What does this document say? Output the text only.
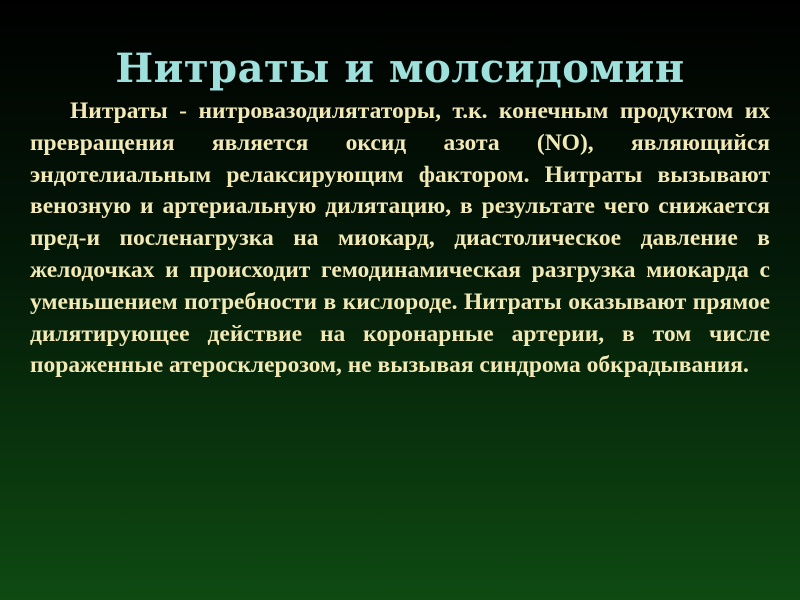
Нитраты и молсидомин

Нитраты - нитровазодилятаторы, т.к. конечным продуктом их превращения является оксид азота (NO), являющийся эндотелиальным релаксирующим фактором. Нитраты вызывают венозную и артериальную дилятацию, в результате чего снижается пред-и посленагрузка на миокард, диастолическое давление в желодочках и происходит гемодинамическая разгрузка миокарда с уменьшением потребности в кислороде. Нитраты оказывают прямое дилятирующее действие на коронарные артерии, в том числе пораженные атеросклерозом, не вызывая синдрома обкрадывания.
